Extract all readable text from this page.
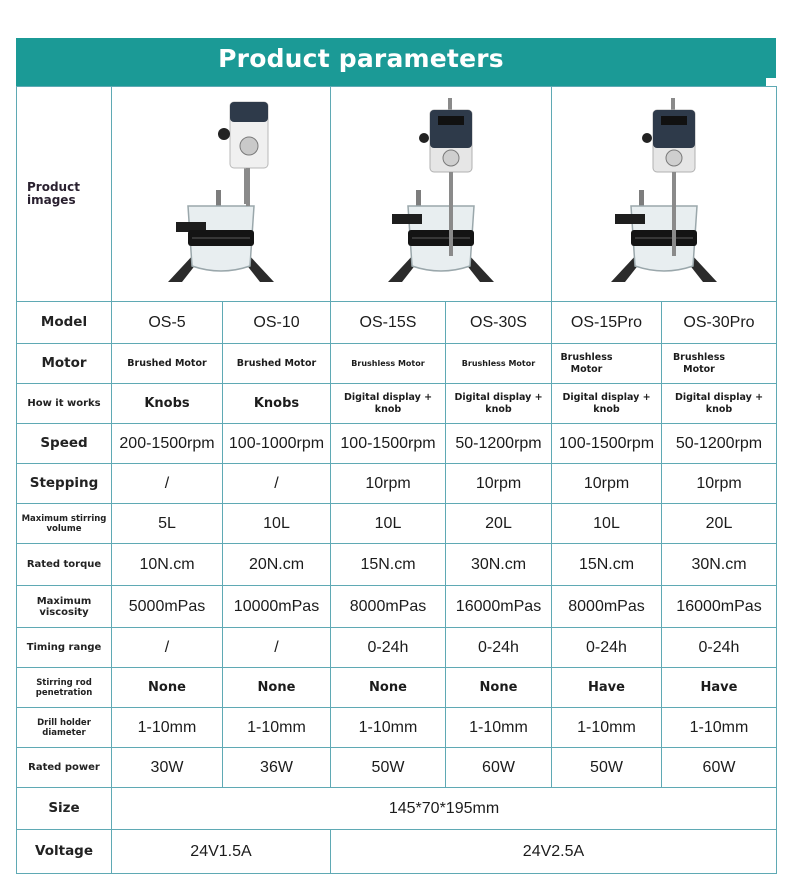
Product parameters
Product images	

Model	OS-5	OS-10	OS-15S	OS-30S	OS-15Pro	OS-30Pro
Motor	Brushed Motor	Brushed Motor	Brushless Motor	Brushless Motor	Brushless Motor	Brushless Motor
How it works	Knobs	Knobs	Digital display + knob	Digital display + knob	Digital display + knob	Digital display + knob
Speed	200-1500rpm	100-1000rpm	100-1500rpm	50-1200rpm	100-1500rpm	50-1200rpm
Stepping	/	/	10rpm	10rpm	10rpm	10rpm
Maximum stirring volume	5L	10L	10L	20L	10L	20L
Rated torque	10N.cm	20N.cm	15N.cm	30N.cm	15N.cm	30N.cm
Maximum viscosity	5000mPas	10000mPas	8000mPas	16000mPas	8000mPas	16000mPas
Timing range	/	/	0-24h	0-24h	0-24h	0-24h
Stirring rod penetration	None	None	None	None	Have	Have
Drill holder diameter	1-10mm	1-10mm	1-10mm	1-10mm	1-10mm	1-10mm
Rated power	30W	36W	50W	60W	50W	60W
Size	145*70*195mm					
Voltage	24V1.5A		24V2.5A			
